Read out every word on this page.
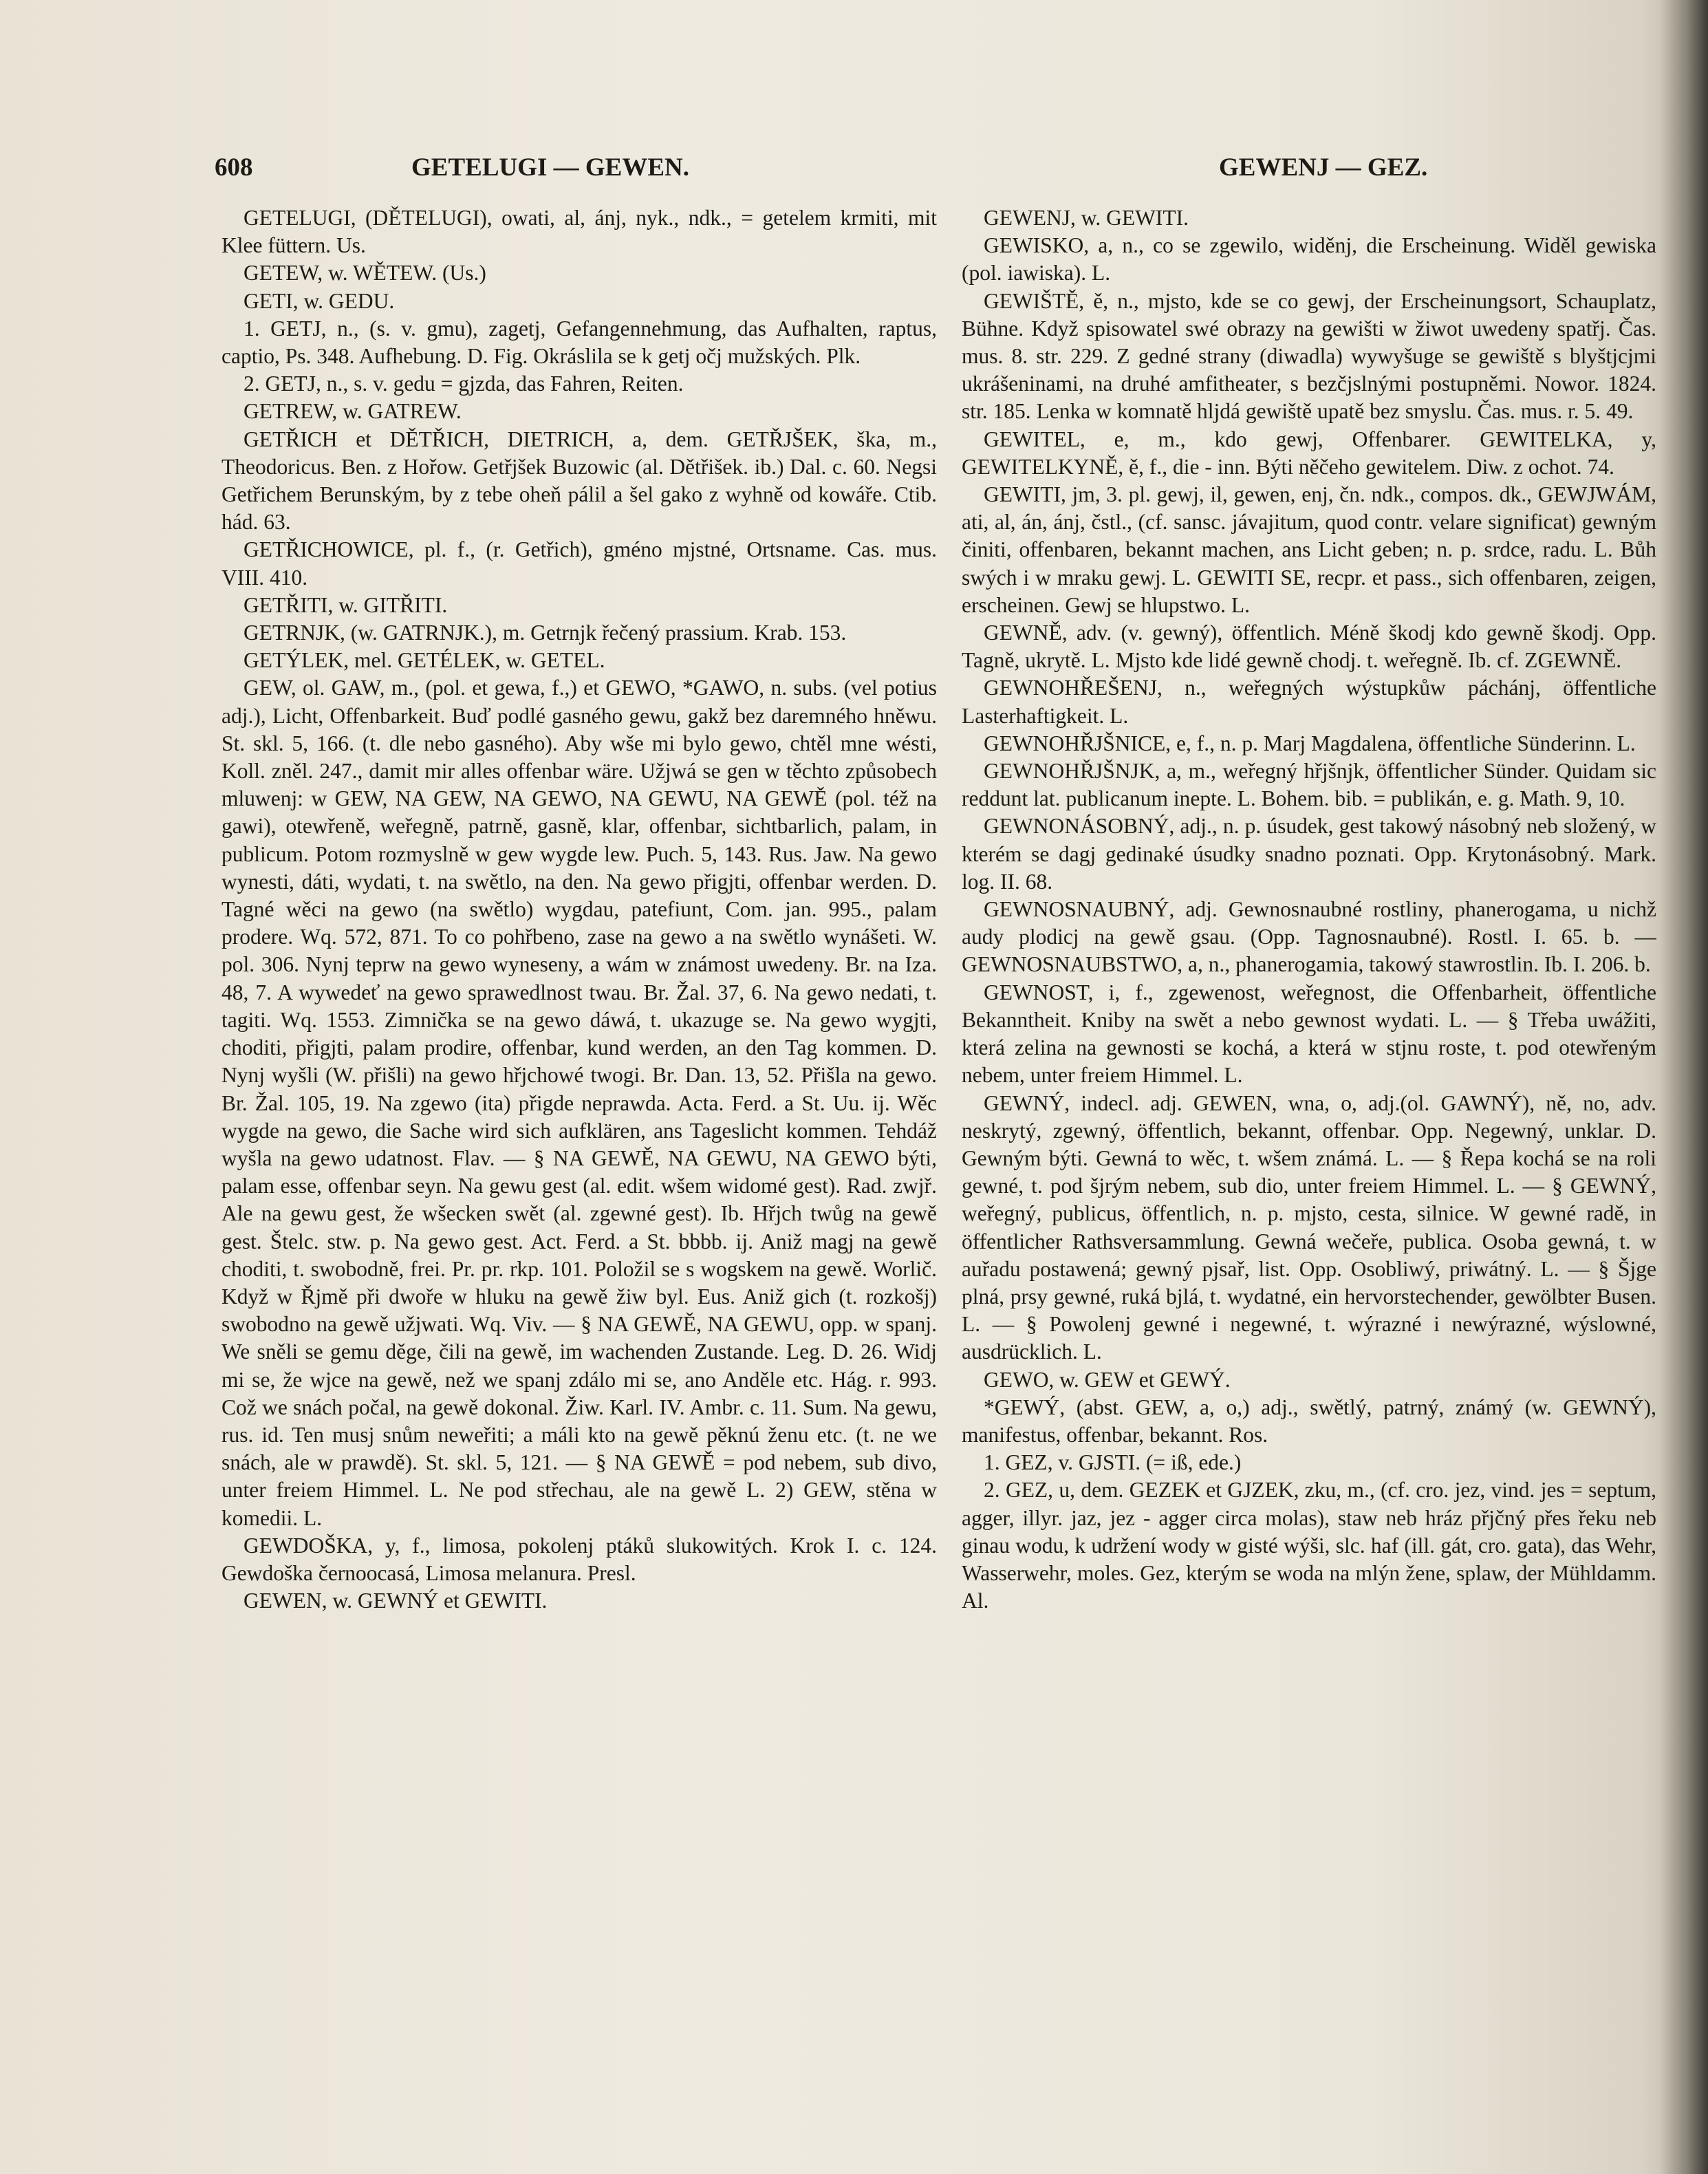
608	GETELUGI — GEWEN.	GEWENJ — GEZ.

GETELUGI, (DĚTELUGI), owati, al, ánj, nyk., ndk., = getelem krmiti, mit Klee füttern. Us.

GETEW, w. WĚTEW. (Us.)

GETI, w. GEDU.

1. GETJ, n., (s. v. gmu), zagetj, Gefangennehmung, das Aufhalten, raptus, captio, Ps. 348. Aufhebung. D. Fig. Okráslila se k getj očj mužských. Plk.

2. GETJ, n., s. v. gedu = gjzda, das Fahren, Reiten.

GETREW, w. GATREW.

GETŘICH et DĚTŘICH, DIETRICH, a, dem. GETŘJŠEK, ška, m., Theodoricus. Ben. z Hořow. Getřjšek Buzowic (al. Dětřišek. ib.) Dal. c. 60. Negsi Getřichem Berunským, by z tebe oheň pálil a šel gako z wyhně od kowáře. Ctib. hád. 63.

GETŘICHOWICE, pl. f., (r. Getřich), gméno mjstné, Ortsname. Cas. mus. VIII. 410.

GETŘITI, w. GITŘITI.

GETRNJK, (w. GATRNJK.), m. Getrnjk řečený prassium. Krab. 153.

GETÝLEK, mel. GETÉLEK, w. GETEL.

GEW, ol. GAW, m., (pol. et gewa, f.,) et GEWO, *GAWO, n. subs. (vel potius adj.), Licht, Offenbarkeit. Buď podlé gasného gewu, gakž bez daremného hněwu. St. skl. 5, 166. (t. dle nebo gasného). Aby wše mi bylo gewo, chtěl mne wésti, Koll. zněl. 247., damit mir alles offenbar wäre. Užjwá se gen w těchto způsobech mluwenj: w GEW, NA GEW, NA GEWO, NA GEWU, NA GEWĚ (pol. též na gawi), otewřeně, weřegně, patrně, gasně, klar, offenbar, sichtbarlich, palam, in publicum. Potom rozmyslně w gew wygde lew. Puch. 5, 143. Rus. Jaw. Na gewo wynesti, dáti, wydati, t. na swětlo, na den. Na gewo přigjti, offenbar werden. D. Tagné wěci na gewo (na swětlo) wygdau, patefiunt, Com. jan. 995., palam prodere. Wq. 572, 871. To co pohřbeno, zase na gewo a na swětlo wynášeti. W. pol. 306. Nynj teprw na gewo wyneseny, a wám w známost uwedeny. Br. na Iza. 48, 7. A wywedeť na gewo sprawedlnost twau. Br. Žal. 37, 6. Na gewo nedati, t. tagiti. Wq. 1553. Zimnička se na gewo dáwá, t. ukazuge se. Na gewo wygjti, choditi, přigjti, palam prodire, offenbar, kund werden, an den Tag kommen. D. Nynj wyšli (W. přišli) na gewo hřjchowé twogi. Br. Dan. 13, 52. Přišla na gewo. Br. Žal. 105, 19. Na zgewo (ita) přigde neprawda. Acta. Ferd. a St. Uu. ij. Wěc wygde na gewo, die Sache wird sich aufklären, ans Tageslicht kommen. Tehdáž wyšla na gewo udatnost. Flav. — § NA GEWĚ, NA GEWU, NA GEWO býti, palam esse, offenbar seyn. Na gewu gest (al. edit. wšem widomé gest). Rad. zwjř. Ale na gewu gest, že wšecken swět (al. zgewné gest). Ib. Hřjch twůg na gewě gest. Štelc. stw. p. Na gewo gest. Act. Ferd. a St. bbbb. ij. Aniž magj na gewě choditi, t. swobodně, frei. Pr. pr. rkp. 101. Položil se s wogskem na gewě. Worlič. Když w Řjmě při dwoře w hluku na gewě žiw byl. Eus. Aniž gich (t. rozkošj) swobodno na gewě užjwati. Wq. Viv. — § NA GEWĚ, NA GEWU, opp. w spanj. We sněli se gemu děge, čili na gewě, im wachenden Zustande. Leg. D. 26. Widj mi se, že wjce na gewě, než we spanj zdálo mi se, ano Anděle etc. Hág. r. 993. Což we snách počal, na gewě dokonal. Žiw. Karl. IV. Ambr. c. 11. Sum. Na gewu, rus. id. Ten musj snům neweřiti; a máli kto na gewě pěknú ženu etc. (t. ne we snách, ale w prawdě). St. skl. 5, 121. — § NA GEWĚ = pod nebem, sub divo, unter freiem Himmel. L. Ne pod střechau, ale na gewě L. 2) GEW, stěna w komedii. L.

GEWDOŠKA, y, f., limosa, pokolenj ptáků slukowitých. Krok I. c. 124. Gewdoška černoocasá, Limosa melanura. Presl.

GEWEN, w. GEWNÝ et GEWITI.

GEWENJ, w. GEWITI.

GEWISKO, a, n., co se zgewilo, widěnj, die Erscheinung. Widěl gewiska (pol. iawiska). L.

GEWIŠTĚ, ě, n., mjsto, kde se co gewj, der Erscheinungsort, Schauplatz, Bühne. Když spisowatel swé obrazy na gewišti w žiwot uwedeny spatřj. Čas. mus. 8. str. 229. Z gedné strany (diwadla) wywyšuge se gewiště s blyštjcjmi ukrášeninami, na druhé amfitheater, s bezčjslnými postupněmi. Nowor. 1824. str. 185. Lenka w komnatě hljdá gewiště upatě bez smyslu. Čas. mus. r. 5. 49.

GEWITEL, e, m., kdo gewj, Offenbarer. GEWITELKA, y, GEWITELKYNĚ, ě, f., die - inn. Býti něčeho gewitelem. Diw. z ochot. 74.

GEWITI, jm, 3. pl. gewj, il, gewen, enj, čn. ndk., compos. dk., GEWJWÁM, ati, al, án, ánj, čstl., (cf. sansc. jávajitum, quod contr. velare significat) gewným činiti, offenbaren, bekannt machen, ans Licht geben; n. p. srdce, radu. L. Bůh swých i w mraku gewj. L. GEWITI SE, recpr. et pass., sich offenbaren, zeigen, erscheinen. Gewj se hlupstwo. L.

GEWNĚ, adv. (v. gewný), öffentlich. Méně škodj kdo gewně škodj. Opp. Tagně, ukrytě. L. Mjsto kde lidé gewně chodj. t. weřegně. Ib. cf. ZGEWNĚ.

GEWNOHŘEŠENJ, n., weřegných wýstupkůw páchánj, öffentliche Lasterhaftigkeit. L.

GEWNOHŘJŠNICE, e, f., n. p. Marj Magdalena, öffentliche Sünderinn. L.

GEWNOHŘJŠNJK, a, m., weřegný hřjšnjk, öffentlicher Sünder. Quidam sic reddunt lat. publicanum inepte. L. Bohem. bib. = publikán, e. g. Math. 9, 10.

GEWNONÁSOBNÝ, adj., n. p. úsudek, gest takowý násobný neb složený, w kterém se dagj gedinaké úsudky snadno poznati. Opp. Krytonásobný. Mark. log. II. 68.

GEWNOSNAUBNÝ, adj. Gewnosnaubné rostliny, phanerogama, u nichž audy plodicj na gewě gsau. (Opp. Tagnosnaubné). Rostl. I. 65. b. — GEWNOSNAUBSTWO, a, n., phanerogamia, takowý stawrostlin. Ib. I. 206. b.

GEWNOST, i, f., zgewenost, weřegnost, die Offenbarheit, öffentliche Bekanntheit. Kniby na swět a nebo gewnost wydati. L. — § Třeba uwážiti, která zelina na gewnosti se kochá, a která w stjnu roste, t. pod otewřeným nebem, unter freiem Himmel. L.

GEWNÝ, indecl. adj. GEWEN, wna, o, adj.(ol. GAWNÝ), ně, no, adv. neskrytý, zgewný, öffentlich, bekannt, offenbar. Opp. Negewný, unklar. D. Gewným býti. Gewná to wěc, t. wšem známá. L. — § Řepa kochá se na roli gewné, t. pod šjrým nebem, sub dio, unter freiem Himmel. L. — § GEWNÝ, weřegný, publicus, öffentlich, n. p. mjsto, cesta, silnice. W gewné radě, in öffentlicher Rathsversammlung. Gewná wečeře, publica. Osoba gewná, t. w auřadu postawená; gewný pjsař, list. Opp. Osobliwý, priwátný. L. — § Šjge plná, prsy gewné, ruká bjlá, t. wydatné, ein hervorstechender, gewölbter Busen. L. — § Powolenj gewné i negewné, t. wýrazné i newýrazné, wýslowné, ausdrücklich. L.

GEWO, w. GEW et GEWÝ.

*GEWÝ, (abst. GEW, a, o,) adj., swětlý, patrný, známý (w. GEWNÝ), manifestus, offenbar, bekannt. Ros.

1. GEZ, v. GJSTI. (= iß, ede.)

2. GEZ, u, dem. GEZEK et GJZEK, zku, m., (cf. cro. jez, vind. jes = septum, agger, illyr. jaz, jez - agger circa molas), staw neb hráz přjčný přes řeku neb ginau wodu, k udržení wody w gisté wýši, slc. haf (ill. gát, cro. gata), das Wehr, Wasserwehr, moles. Gez, kterým se woda na mlýn žene, splaw, der Mühldamm. Al.
